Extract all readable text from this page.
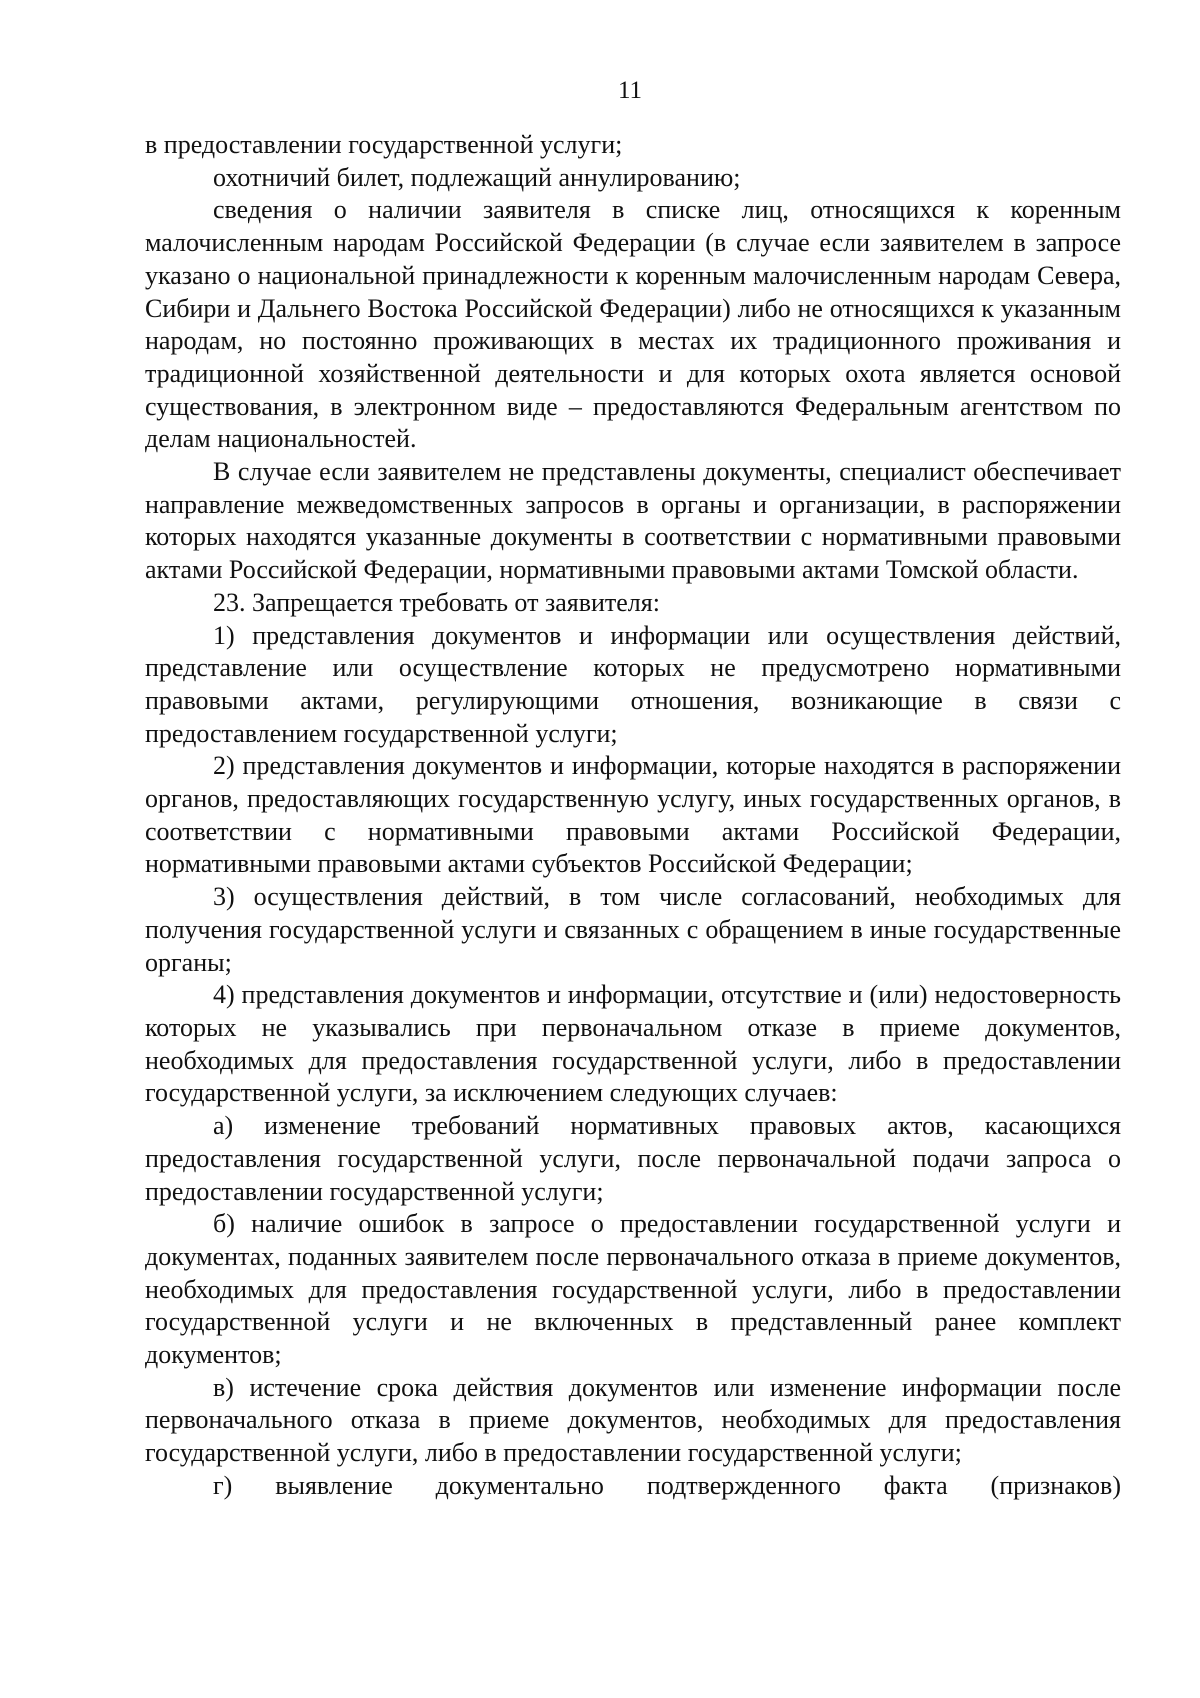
11

в предоставлении государственной услуги;

охотничий билет, подлежащий аннулированию;

сведения о наличии заявителя в списке лиц, относящихся к коренным малочисленным народам Российской Федерации (в случае если заявителем в запросе указано о национальной принадлежности к коренным малочисленным народам Севера, Сибири и Дальнего Востока Российской Федерации) либо не относящихся к указанным народам, но постоянно проживающих в местах их традиционного проживания и традиционной хозяйственной деятельности и для которых охота является основой существования, в электронном виде – предоставляются Федеральным агентством по делам национальностей.

В случае если заявителем не представлены документы, специалист обеспечивает направление межведомственных запросов в органы и организации, в распоряжении которых находятся указанные документы в соответствии с нормативными правовыми актами Российской Федерации, нормативными правовыми актами Томской области.

23. Запрещается требовать от заявителя:

1) представления документов и информации или осуществления действий, представление или осуществление которых не предусмотрено нормативными правовыми актами, регулирующими отношения, возникающие в связи с предоставлением государственной услуги;

2) представления документов и информации, которые находятся в распоряжении органов, предоставляющих государственную услугу, иных государственных органов, в соответствии с нормативными правовыми актами Российской Федерации, нормативными правовыми актами субъектов Российской Федерации;

3) осуществления действий, в том числе согласований, необходимых для получения государственной услуги и связанных с обращением в иные государственные органы;

4) представления документов и информации, отсутствие и (или) недостоверность которых не указывались при первоначальном отказе в приеме документов, необходимых для предоставления государственной услуги, либо в предоставлении государственной услуги, за исключением следующих случаев:

а) изменение требований нормативных правовых актов, касающихся предоставления государственной услуги, после первоначальной подачи запроса о предоставлении государственной услуги;

б) наличие ошибок в запросе о предоставлении государственной услуги и документах, поданных заявителем после первоначального отказа в приеме документов, необходимых для предоставления государственной услуги, либо в предоставлении государственной услуги и не включенных в представленный ранее комплект документов;

в) истечение срока действия документов или изменение информации после первоначального отказа в приеме документов, необходимых для предоставления государственной услуги, либо в предоставлении государственной услуги;

г) выявление документально подтвержденного факта (признаков)
